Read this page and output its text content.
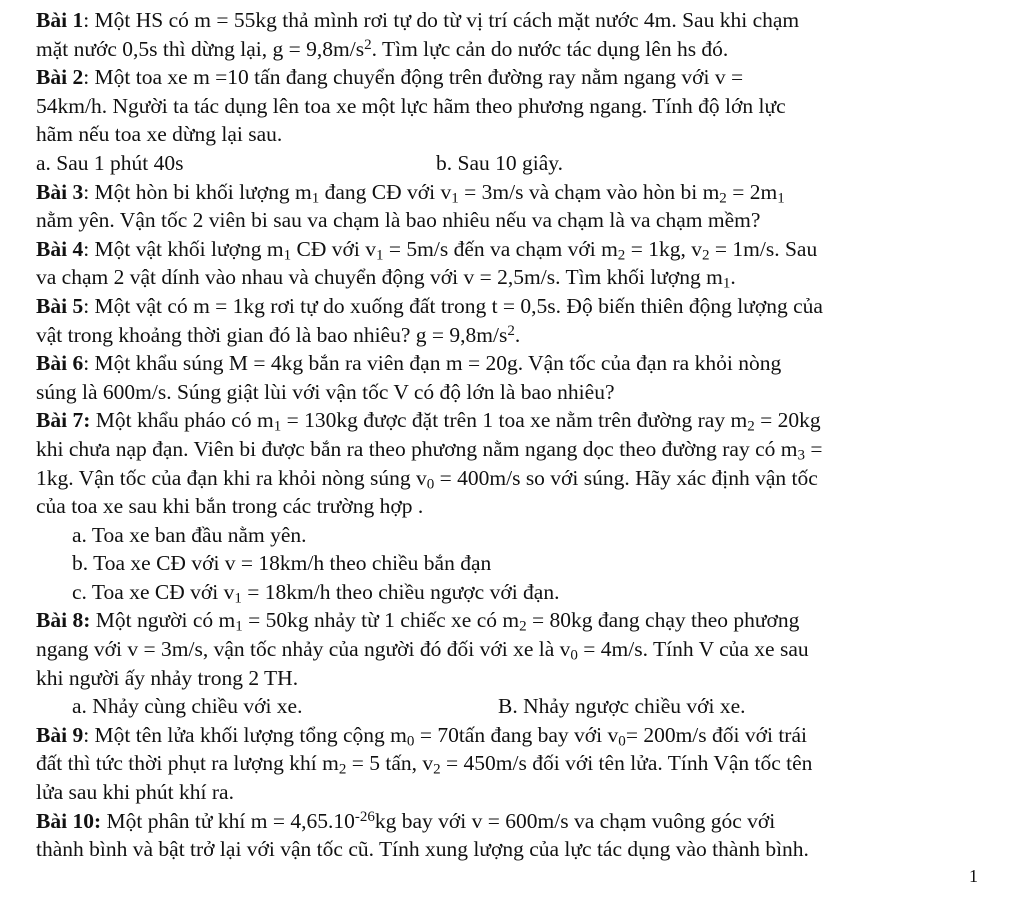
Bài 1: Một HS có m = 55kg thả mình rơi tự do từ vị trí cách mặt nước 4m. Sau khi chạm
mặt nước 0,5s thì dừng lại, $g = 9,8m/s^2$. Tìm lực cản do nước tác dụng lên hs đó.
Bài 2: Một toa xe m =10 tấn đang chuyển động trên đường ray nằm ngang với v =
54km/h. Người ta tác dụng lên toa xe một lực hãm theo phương ngang. Tính độ lớn lực
hãm nếu toa xe dừng lại sau.
a. Sau 1 phút 40s	b. Sau 10 giây.
Bài 3: Một hòn bi khối lượng $m_1$ đang CĐ với $v_1 = 3m/s$ và chạm vào hòn bi $m_2 = 2m_1$
nằm yên. Vận tốc 2 viên bi sau va chạm là bao nhiêu nếu va chạm là va chạm mềm?
Bài 4: Một vật khối lượng $m_1$ CĐ với $v_1 = 5m/s$ đến va chạm với $m_2 = 1kg$, $v_2 = 1m/s$. Sau
va chạm 2 vật dính vào nhau và chuyển động với v = 2,5m/s. Tìm khối lượng $m_1$.
Bài 5: Một vật có m = 1kg rơi tự do xuống đất trong t = 0,5s. Độ biến thiên động lượng của
vật trong khoảng thời gian đó là bao nhiêu? $g = 9,8m/s^2$.
Bài 6: Một khẩu súng M = 4kg bắn ra viên đạn m = 20g. Vận tốc của đạn ra khỏi nòng
súng là 600m/s. Súng giật lùi với vận tốc V có độ lớn là bao nhiêu?
Bài 7: Một khẩu pháo có $m_1 = 130kg$ được đặt trên 1 toa xe nằm trên đường ray $m_2 = 20kg$
khi chưa nạp đạn. Viên bi được bắn ra theo phương nằm ngang dọc theo đường ray có $m_3$ =
1kg. Vận tốc của đạn khi ra khỏi nòng súng $v_0 = 400m/s$ so với súng. Hãy xác định vận tốc
của toa xe sau khi bắn trong các trường hợp .
a. Toa xe ban đầu nằm yên.
b. Toa xe CĐ với v = 18km/h theo chiều bắn đạn
c. Toa xe CĐ với $v_1 = 18km/h$ theo chiều ngược với đạn.
Bài 8: Một người có $m_1 = 50kg$ nhảy từ 1 chiếc xe có $m_2 = 80kg$ đang chạy theo phương
ngang với v = 3m/s, vận tốc nhảy của người đó đối với xe là $v_0 = 4m/s$. Tính V của xe sau
khi người ấy nhảy trong 2 TH.
a. Nhảy cùng chiều với xe.	B. Nhảy ngược chiều với xe.
Bài 9: Một tên lửa khối lượng tổng cộng $m_0$ = 70tấn đang bay với $v_0= 200m/s$ đối với trái
đất thì tức thời phụt ra lượng khí $m_2 = 5$ tấn, $v_2 = 450m/s$ đối với tên lửa. Tính Vận tốc tên
lửa sau khi phút khí ra.
Bài 10: Một phân tử khí $m = 4,65.10^{-26}kg$ bay với v = 600m/s va chạm vuông góc với
thành bình và bật trở lại với vận tốc cũ. Tính xung lượng của lực tác dụng vào thành bình.
1
